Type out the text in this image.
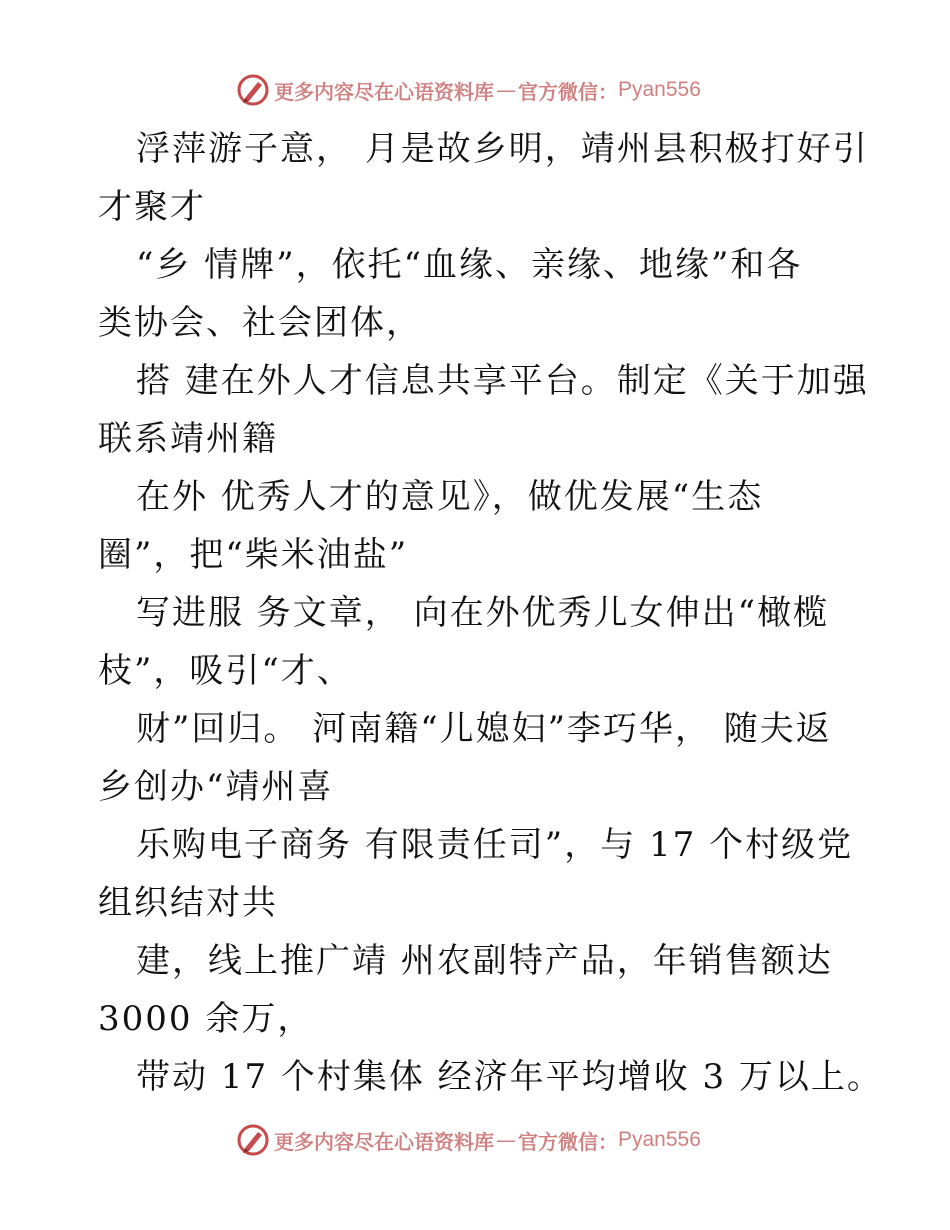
更多内容尽在心语资料库 — 官方微信： Pyan556
浮萍游子意， 月是故乡明，靖州县积极打好引
才聚才
“乡 情牌”，依托“血缘、亲缘、地缘”和各
类协会、社会团体，
搭 建在外人才信息共享平台。制定《关于加强
联系靖州籍
在外 优秀人才的意见》，做优发展“生态
圈”，把“柴米油盐”
写进服 务文章， 向在外优秀儿女伸出“橄榄
枝”，吸引“才、
财”回归。 河南籍“儿媳妇”李巧华， 随夫返
乡创办“靖州喜
乐购电子商务 有限责任司”，与 17 个村级党
组织结对共
建，线上推广靖 州农副特产品，年销售额达
3000 余万，
带动 17 个村集体 经济年平均增收 3 万以上。
更多内容尽在心语资料库 — 官方微信： Pyan556
